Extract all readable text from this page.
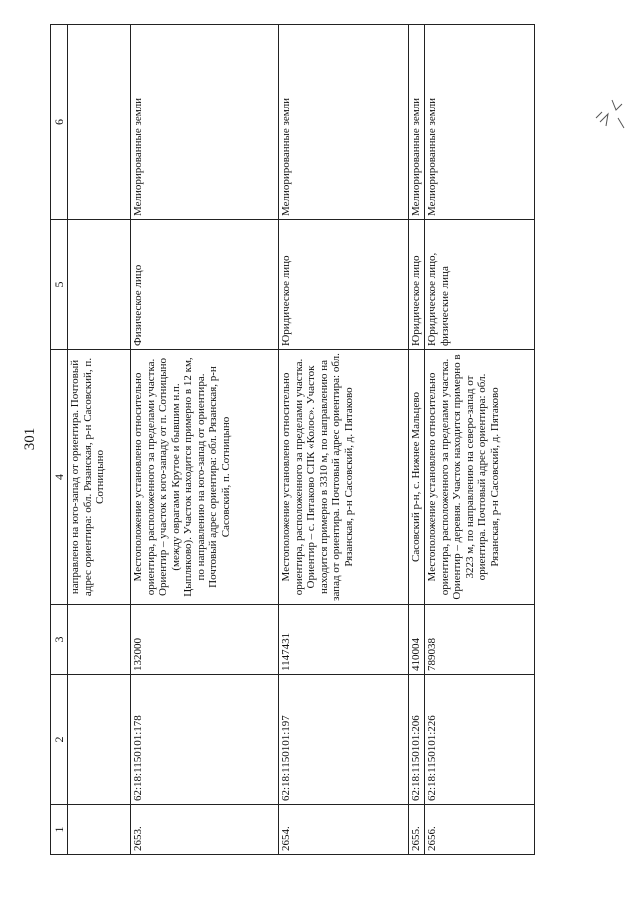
301
1	2	3	4	5	6
			направлено на юго-запад от ориентира. Почтовый адрес ориентира: обл. Рязанская, р-н Сасовский, п. Сотницыно		
2653.	62:18:1150101:178	132000	Местоположение установлено относительно ориентира, расположенного за пределами участка. Ориентир – участок к юго-западу от п. Сотницыно (между оврагами Крутое и бывшим н.п. Цыплякoво). Участок находится примерно в 12 км, по направлению на юго-запад от ориентира. Почтовый адрес ориентира: обл. Рязанская, р-н Сасовский, п. Сотницыно	Физическое лицо	Мелиорированные земли
2654.	62:18:1150101:197	1147431	Местоположение установлено относительно ориентира, расположенного за пределами участка. Ориентир – с. Пятаково СПК «Колос». Участок находится примерно в 3310 м, по направлению на запад от ориентира. Почтовый адрес ориентира: обл. Рязанская, р-н Сасовский, д. Пятаково	Юридическое лицо	Мелиорированные земли
2655.	62:18:1150101:206	410004	Сасовский р-н, с. Нижнее Мальцево	Юридическое лицо	Мелиорированные земли
2656.	62:18:1150101:226	789038	Местоположение установлено относительно ориентира, расположенного за пределами участка. Ориентир – деревня. Участок находится примерно в 3223 м, по направлению на северо-запад от ориентира. Почтовый адрес ориентира: обл. Рязанская, р-н Сасовский, д. Пятаково	Юридическое лицо, физические лица	Мелиорированные земли
